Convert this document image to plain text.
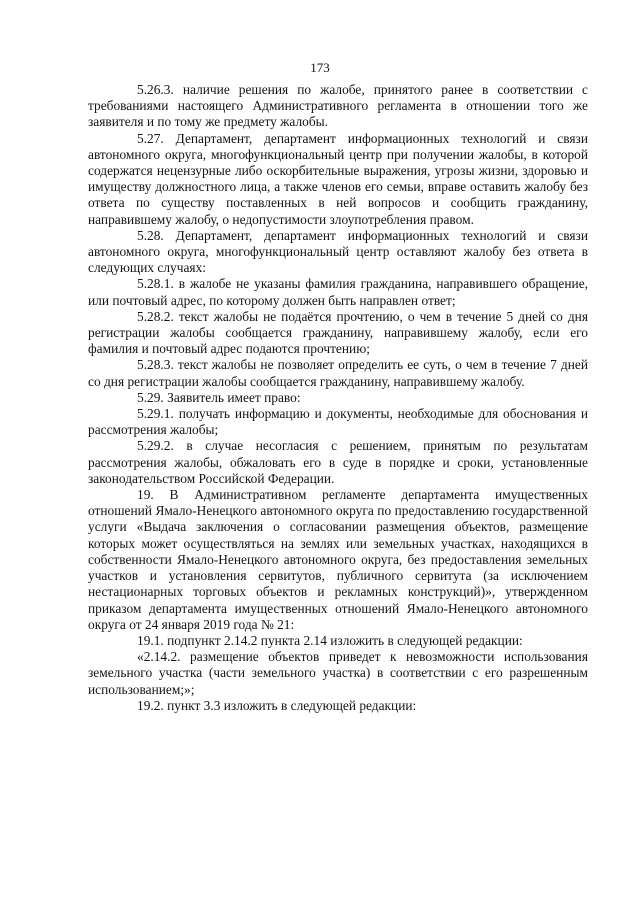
173

5.26.3. наличие решения по жалобе, принятого ранее в соответствии с требованиями настоящего Административного регламента в отношении того же заявителя и по тому же предмету жалобы.

5.27. Департамент, департамент информационных технологий и связи автономного округа, многофункциональный центр при получении жалобы, в которой содержатся нецензурные либо оскорбительные выражения, угрозы жизни, здоровью и имуществу должностного лица, а также членов его семьи, вправе оставить жалобу без ответа по существу поставленных в ней вопросов и сообщить гражданину, направившему жалобу, о недопустимости злоупотребления правом.

5.28. Департамент, департамент информационных технологий и связи автономного округа, многофункциональный центр оставляют жалобу без ответа в следующих случаях:

5.28.1. в жалобе не указаны фамилия гражданина, направившего обращение, или почтовый адрес, по которому должен быть направлен ответ;

5.28.2. текст жалобы не подаётся прочтению, о чем в течение 5 дней со дня регистрации жалобы сообщается гражданину, направившему жалобу, если его фамилия и почтовый адрес подаются прочтению;

5.28.3. текст жалобы не позволяет определить ее суть, о чем в течение 7 дней со дня регистрации жалобы сообщается гражданину, направившему жалобу.

5.29. Заявитель имеет право:

5.29.1. получать информацию и документы, необходимые для обоснования и рассмотрения жалобы;

5.29.2. в случае несогласия с решением, принятым по результатам рассмотрения жалобы, обжаловать его в суде в порядке и сроки, установленные законодательством Российской Федерации.

19. В Административном регламенте департамента имущественных отношений Ямало-Ненецкого автономного округа по предоставлению государственной услуги «Выдача заключения о согласовании размещения объектов, размещение которых может осуществляться на землях или земельных участках, находящихся в собственности Ямало-Ненецкого автономного округа, без предоставления земельных участков и установления сервитутов, публичного сервитута (за исключением нестационарных торговых объектов и рекламных конструкций)», утвержденном приказом департамента имущественных отношений Ямало-Ненецкого автономного округа от 24 января 2019 года № 21:

19.1. подпункт 2.14.2 пункта 2.14 изложить в следующей редакции:

«2.14.2. размещение объектов приведет к невозможности использования земельного участка (части земельного участка) в соответствии с его разрешенным использованием;»;

19.2. пункт 3.3 изложить в следующей редакции:
